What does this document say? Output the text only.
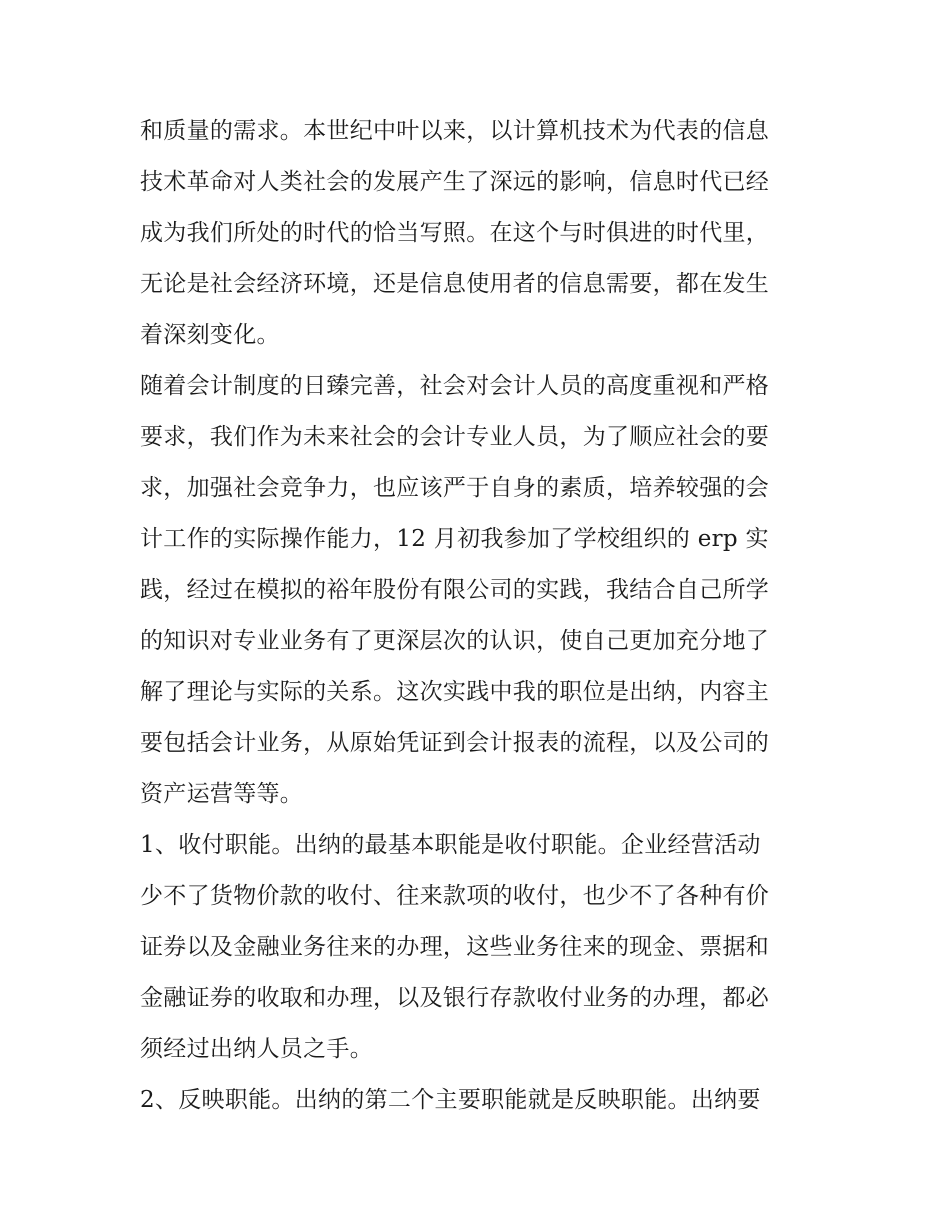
和质量的需求。本世纪中叶以来，以计算机技术为代表的信息
技术革命对人类社会的发展产生了深远的影响，信息时代已经
成为我们所处的时代的恰当写照。在这个与时俱进的时代里，
无论是社会经济环境，还是信息使用者的信息需要，都在发生
着深刻变化。
随着会计制度的日臻完善，社会对会计人员的高度重视和严格
要求，我们作为未来社会的会计专业人员，为了顺应社会的要
求，加强社会竞争力，也应该严于自身的素质，培养较强的会
计工作的实际操作能力，12 月初我参加了学校组织的 erp 实
践，经过在模拟的裕年股份有限公司的实践，我结合自己所学
的知识对专业业务有了更深层次的认识，使自己更加充分地了
解了理论与实际的关系。这次实践中我的职位是出纳，内容主
要包括会计业务，从原始凭证到会计报表的流程，以及公司的
资产运营等等。
1、收付职能。出纳的最基本职能是收付职能。企业经营活动
少不了货物价款的收付、往来款项的收付，也少不了各种有价
证券以及金融业务往来的办理，这些业务往来的现金、票据和
金融证券的收取和办理，以及银行存款收付业务的办理，都必
须经过出纳人员之手。
2、反映职能。出纳的第二个主要职能就是反映职能。出纳要
